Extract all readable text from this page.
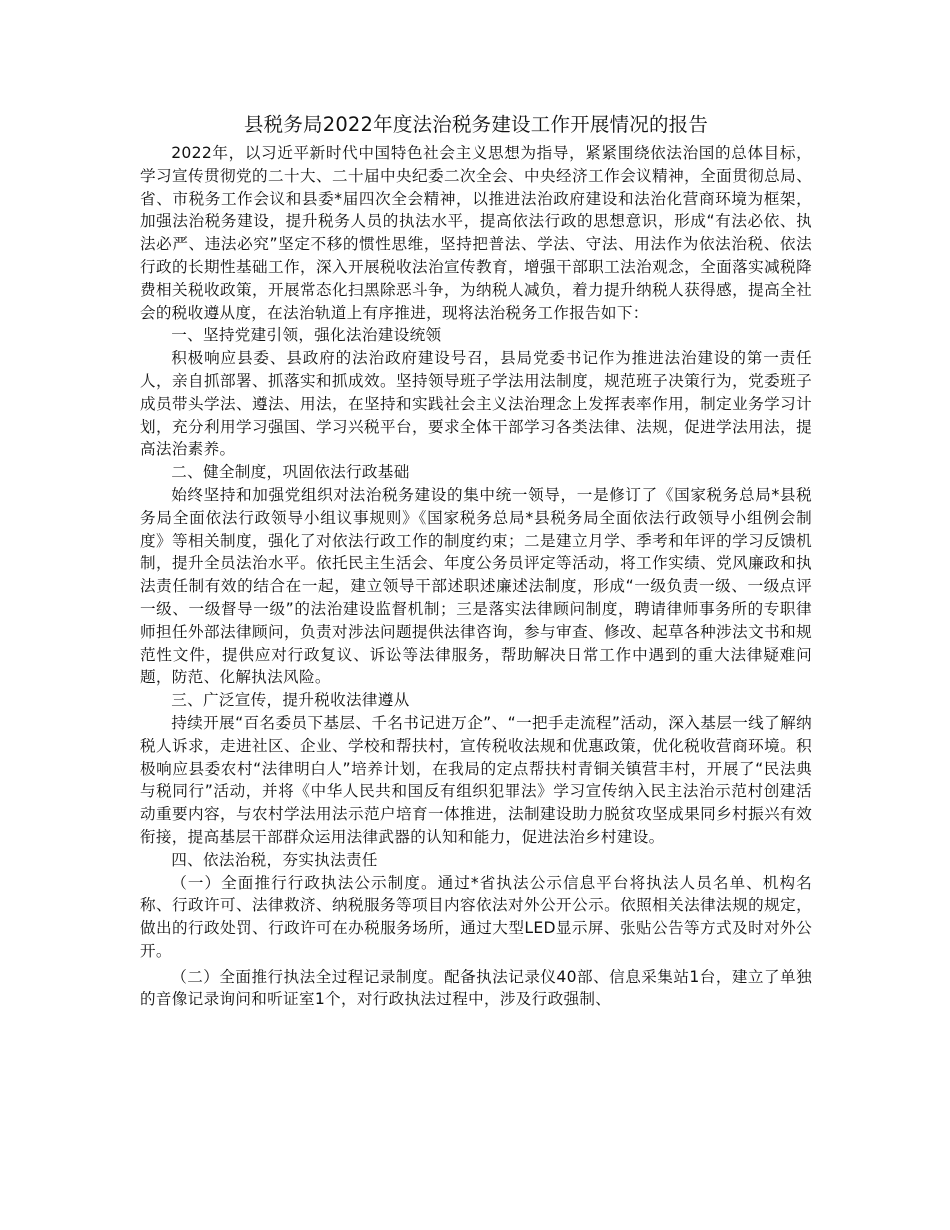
县税务局2022年度法治税务建设工作开展情况的报告

2022年，以习近平新时代中国特色社会主义思想为指导，紧紧围绕依法治国的总体目标，学习宣传贯彻党的二十大、二十届中央纪委二次全会、中央经济工作会议精神，全面贯彻总局、省、市税务工作会议和县委*届四次全会精神，以推进法治政府建设和法治化营商环境为框架，加强法治税务建设，提升税务人员的执法水平，提高依法行政的思想意识，形成“有法必依、执法必严、违法必究”坚定不移的惯性思维，坚持把普法、学法、守法、用法作为依法治税、依法行政的长期性基础工作，深入开展税收法治宣传教育，增强干部职工法治观念，全面落实减税降费相关税收政策，开展常态化扫黑除恶斗争，为纳税人减负，着力提升纳税人获得感，提高全社会的税收遵从度，在法治轨道上有序推进，现将法治税务工作报告如下：

一、坚持党建引领，强化法治建设统领

积极响应县委、县政府的法治政府建设号召，县局党委书记作为推进法治建设的第一责任人，亲自抓部署、抓落实和抓成效。坚持领导班子学法用法制度，规范班子决策行为，党委班子成员带头学法、遵法、用法，在坚持和实践社会主义法治理念上发挥表率作用，制定业务学习计划，充分利用学习强国、学习兴税平台，要求全体干部学习各类法律、法规，促进学法用法，提高法治素养。

二、健全制度，巩固依法行政基础

始终坚持和加强党组织对法治税务建设的集中统一领导，一是修订了《国家税务总局*县税务局全面依法行政领导小组议事规则》《国家税务总局*县税务局全面依法行政领导小组例会制度》等相关制度，强化了对依法行政工作的制度约束；二是建立月学、季考和年评的学习反馈机制，提升全员法治水平。依托民主生活会、年度公务员评定等活动，将工作实绩、党风廉政和执法责任制有效的结合在一起，建立领导干部述职述廉述法制度，形成“一级负责一级、一级点评一级、一级督导一级”的法治建设监督机制；三是落实法律顾问制度，聘请律师事务所的专职律师担任外部法律顾问，负责对涉法问题提供法律咨询，参与审查、修改、起草各种涉法文书和规范性文件，提供应对行政复议、诉讼等法律服务，帮助解决日常工作中遇到的重大法律疑难问题，防范、化解执法风险。

三、广泛宣传，提升税收法律遵从

持续开展“百名委员下基层、千名书记进万企”、“一把手走流程”活动，深入基层一线了解纳税人诉求，走进社区、企业、学校和帮扶村，宣传税收法规和优惠政策，优化税收营商环境。积极响应县委农村“法律明白人”培养计划，在我局的定点帮扶村青铜关镇营丰村，开展了“民法典与税同行”活动，并将《中华人民共和国反有组织犯罪法》学习宣传纳入民主法治示范村创建活动重要内容，与农村学法用法示范户培育一体推进，法制建设助力脱贫攻坚成果同乡村振兴有效衔接，提高基层干部群众运用法律武器的认知和能力，促进法治乡村建设。

四、依法治税，夯实执法责任

（一）全面推行行政执法公示制度。通过*省执法公示信息平台将执法人员名单、机构名称、行政许可、法律救济、纳税服务等项目内容依法对外公开公示。依照相关法律法规的规定，做出的行政处罚、行政许可在办税服务场所，通过大型LED显示屏、张贴公告等方式及时对外公开。

（二）全面推行执法全过程记录制度。配备执法记录仪40部、信息采集站1台，建立了单独的音像记录询问和听证室1个，对行政执法过程中，涉及行政强制、
